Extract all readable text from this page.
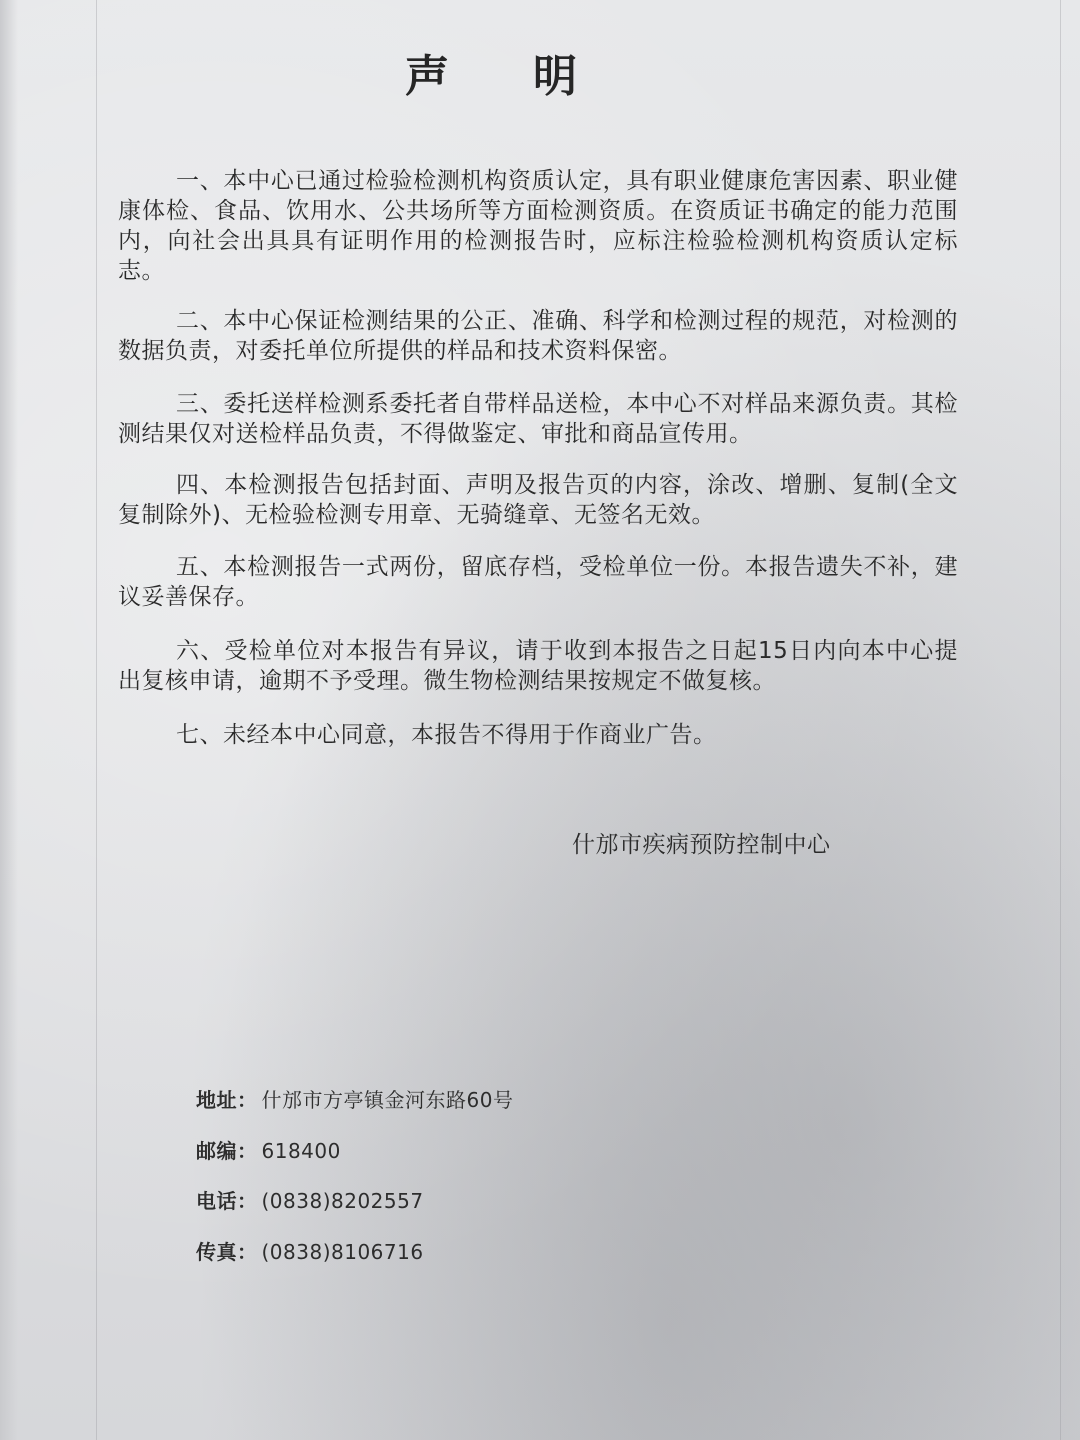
声 明
一、本中心已通过检验检测机构资质认定，具有职业健康危害因素、职业健康体检、食品、饮用水、公共场所等方面检测资质。在资质证书确定的能力范围内，向社会出具具有证明作用的检测报告时，应标注检验检测机构资质认定标志。
二、本中心保证检测结果的公正、准确、科学和检测过程的规范，对检测的数据负责，对委托单位所提供的样品和技术资料保密。
三、委托送样检测系委托者自带样品送检，本中心不对样品来源负责。其检测结果仅对送检样品负责，不得做鉴定、审批和商品宣传用。
四、本检测报告包括封面、声明及报告页的内容，涂改、增删、复制(全文复制除外)、无检验检测专用章、无骑缝章、无签名无效。
五、本检测报告一式两份，留底存档，受检单位一份。本报告遗失不补，建议妥善保存。
六、受检单位对本报告有异议，请于收到本报告之日起15日内向本中心提出复核申请，逾期不予受理。微生物检测结果按规定不做复核。
七、未经本中心同意，本报告不得用于作商业广告。
什邡市疾病预防控制中心
地址： 什邡市方亭镇金河东路60号
邮编： 618400
电话： (0838)8202557
传真： (0838)8106716
